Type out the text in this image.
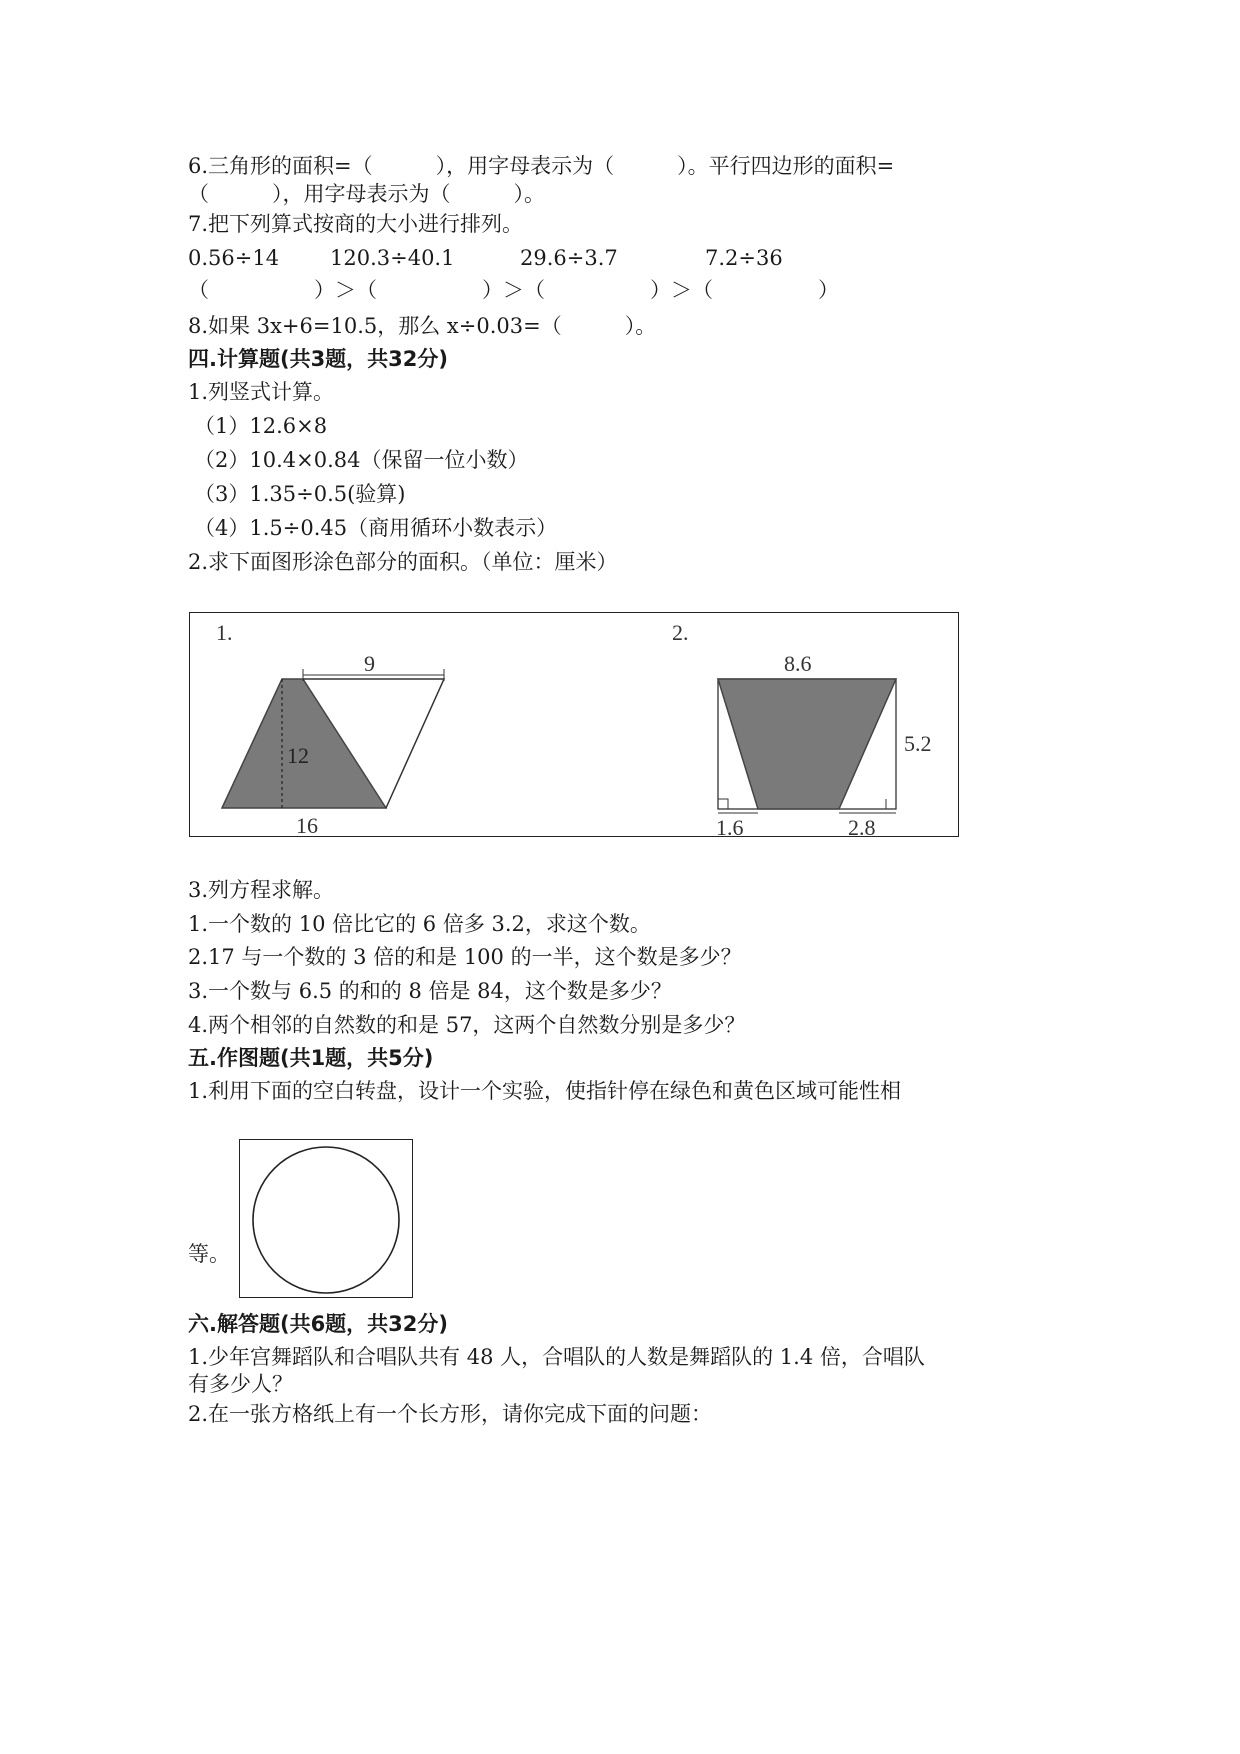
6.三角形的面积=（　　　），用字母表示为（　　　）。平行四边形的面积=
（　　　），用字母表示为（　　　）。
7.把下列算式按商的大小进行排列。
0.56÷14 120.3÷40.1	29.6÷3.7	7.2÷36
（　　　　　）＞（　　　　　）＞（　　　　　）＞（　　　　　）
8.如果 3x+6=10.5，那么 x÷0.03=（　　　）。
四.计算题(共3题，共32分)
1.列竖式计算。
（1）12.6×8
（2）10.4×0.84（保留一位小数）
（3）1.35÷0.5(验算)
（4）1.5÷0.45（商用循环小数表示）
2.求下面图形涂色部分的面积。（单位：厘米）
1.
9
12
16
2.
8.6
5.2
1.6	2.8
3.列方程求解。
1.一个数的 10 倍比它的 6 倍多 3.2，求这个数。
2.17 与一个数的 3 倍的和是 100 的一半，这个数是多少？
3.一个数与 6.5 的和的 8 倍是 84，这个数是多少？
4.两个相邻的自然数的和是 57，这两个自然数分别是多少？
五.作图题(共1题，共5分)
1.利用下面的空白转盘，设计一个实验，使指针停在绿色和黄色区域可能性相
等。
六.解答题(共6题，共32分)
1.少年宫舞蹈队和合唱队共有 48 人，合唱队的人数是舞蹈队的 1.4 倍，合唱队
有多少人？
2.在一张方格纸上有一个长方形，请你完成下面的问题：
